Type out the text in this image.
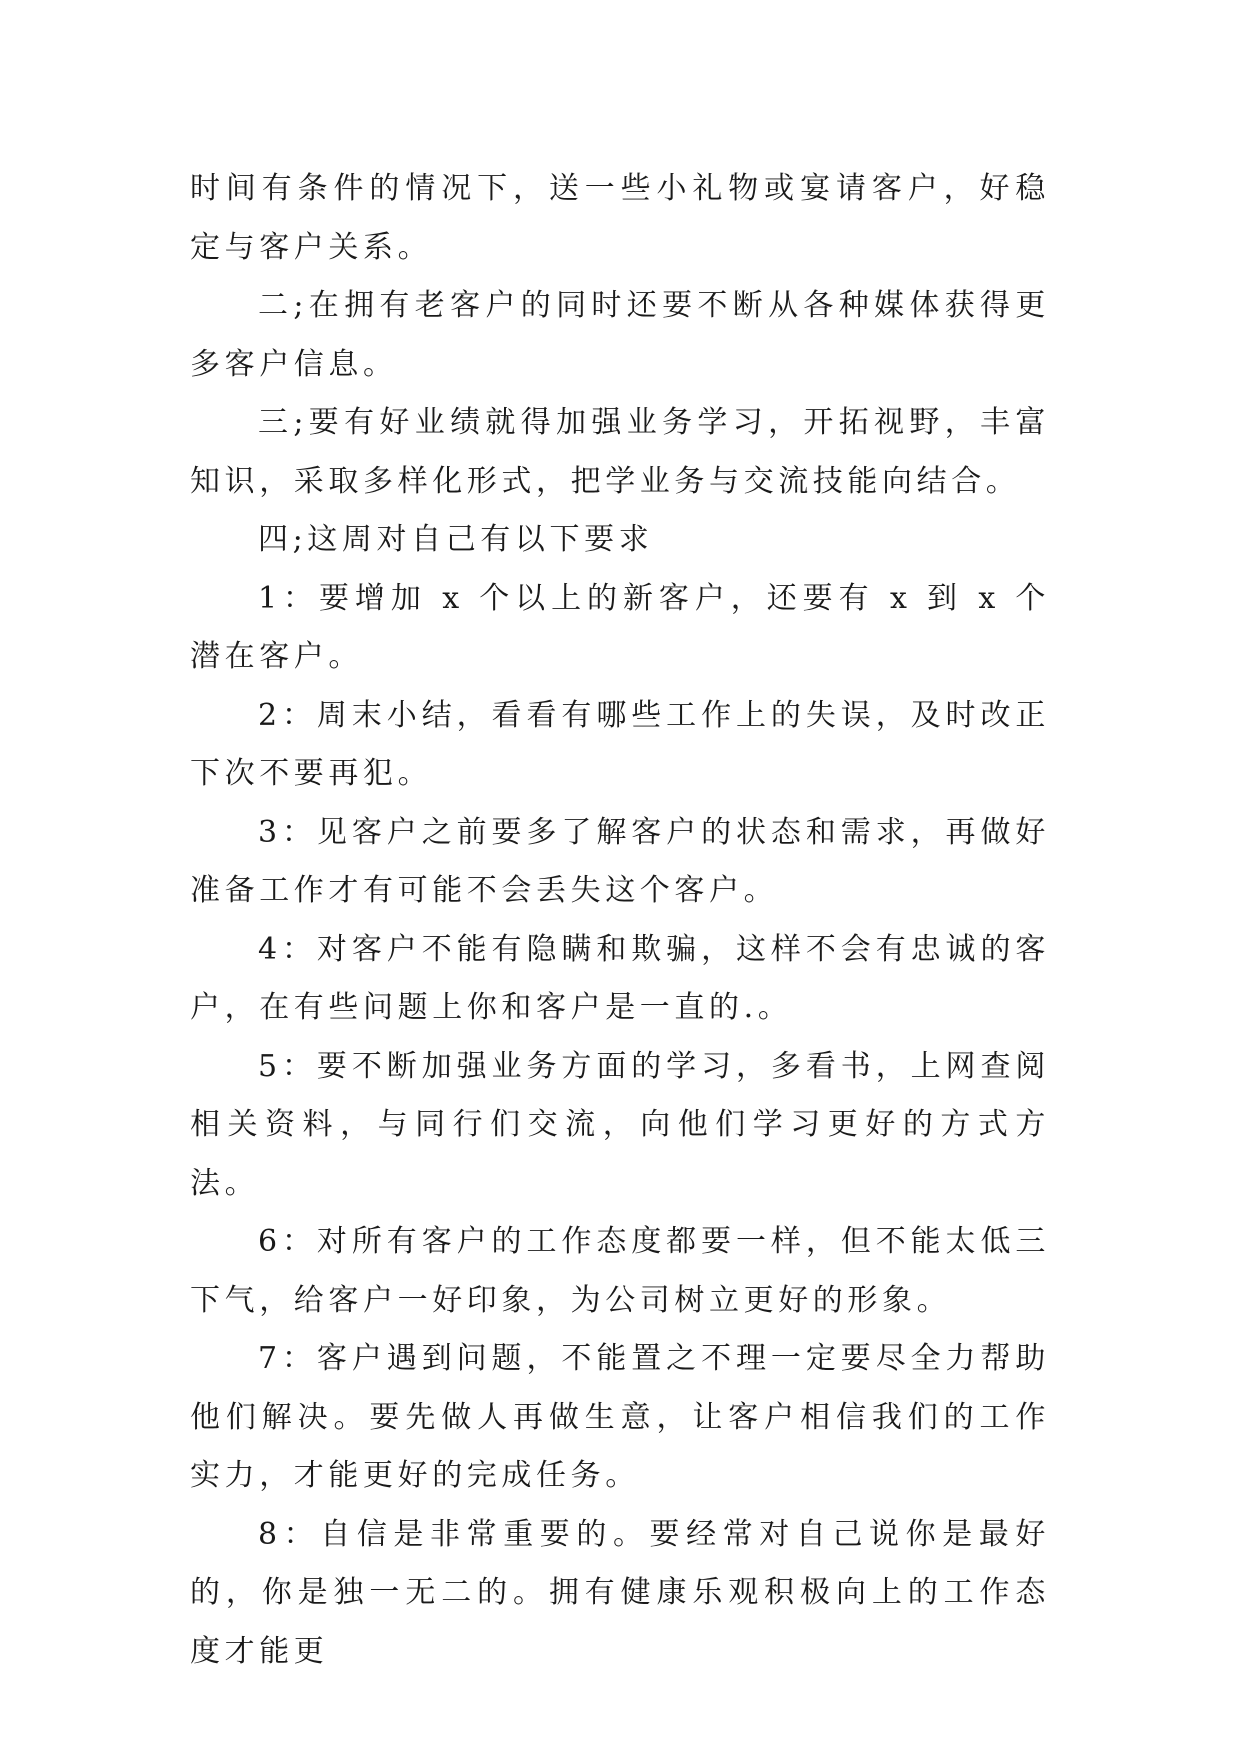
时间有条件的情况下，送一些小礼物或宴请客户，好稳定与客户关系。

二;在拥有老客户的同时还要不断从各种媒体获得更多客户信息。

三;要有好业绩就得加强业务学习，开拓视野，丰富知识，采取多样化形式，把学业务与交流技能向结合。

四;这周对自己有以下要求

1：要增加 x 个以上的新客户，还要有 x 到 x 个潜在客户。

2：周末小结，看看有哪些工作上的失误，及时改正下次不要再犯。

3：见客户之前要多了解客户的状态和需求，再做好准备工作才有可能不会丢失这个客户。

4：对客户不能有隐瞒和欺骗，这样不会有忠诚的客户，在有些问题上你和客户是一直的.。

5：要不断加强业务方面的学习，多看书，上网查阅相关资料，与同行们交流，向他们学习更好的方式方法。

6：对所有客户的工作态度都要一样，但不能太低三下气，给客户一好印象，为公司树立更好的形象。

7：客户遇到问题，不能置之不理一定要尽全力帮助他们解决。要先做人再做生意，让客户相信我们的工作实力，才能更好的完成任务。

8：自信是非常重要的。要经常对自己说你是最好的，你是独一无二的。拥有健康乐观积极向上的工作态度才能更
